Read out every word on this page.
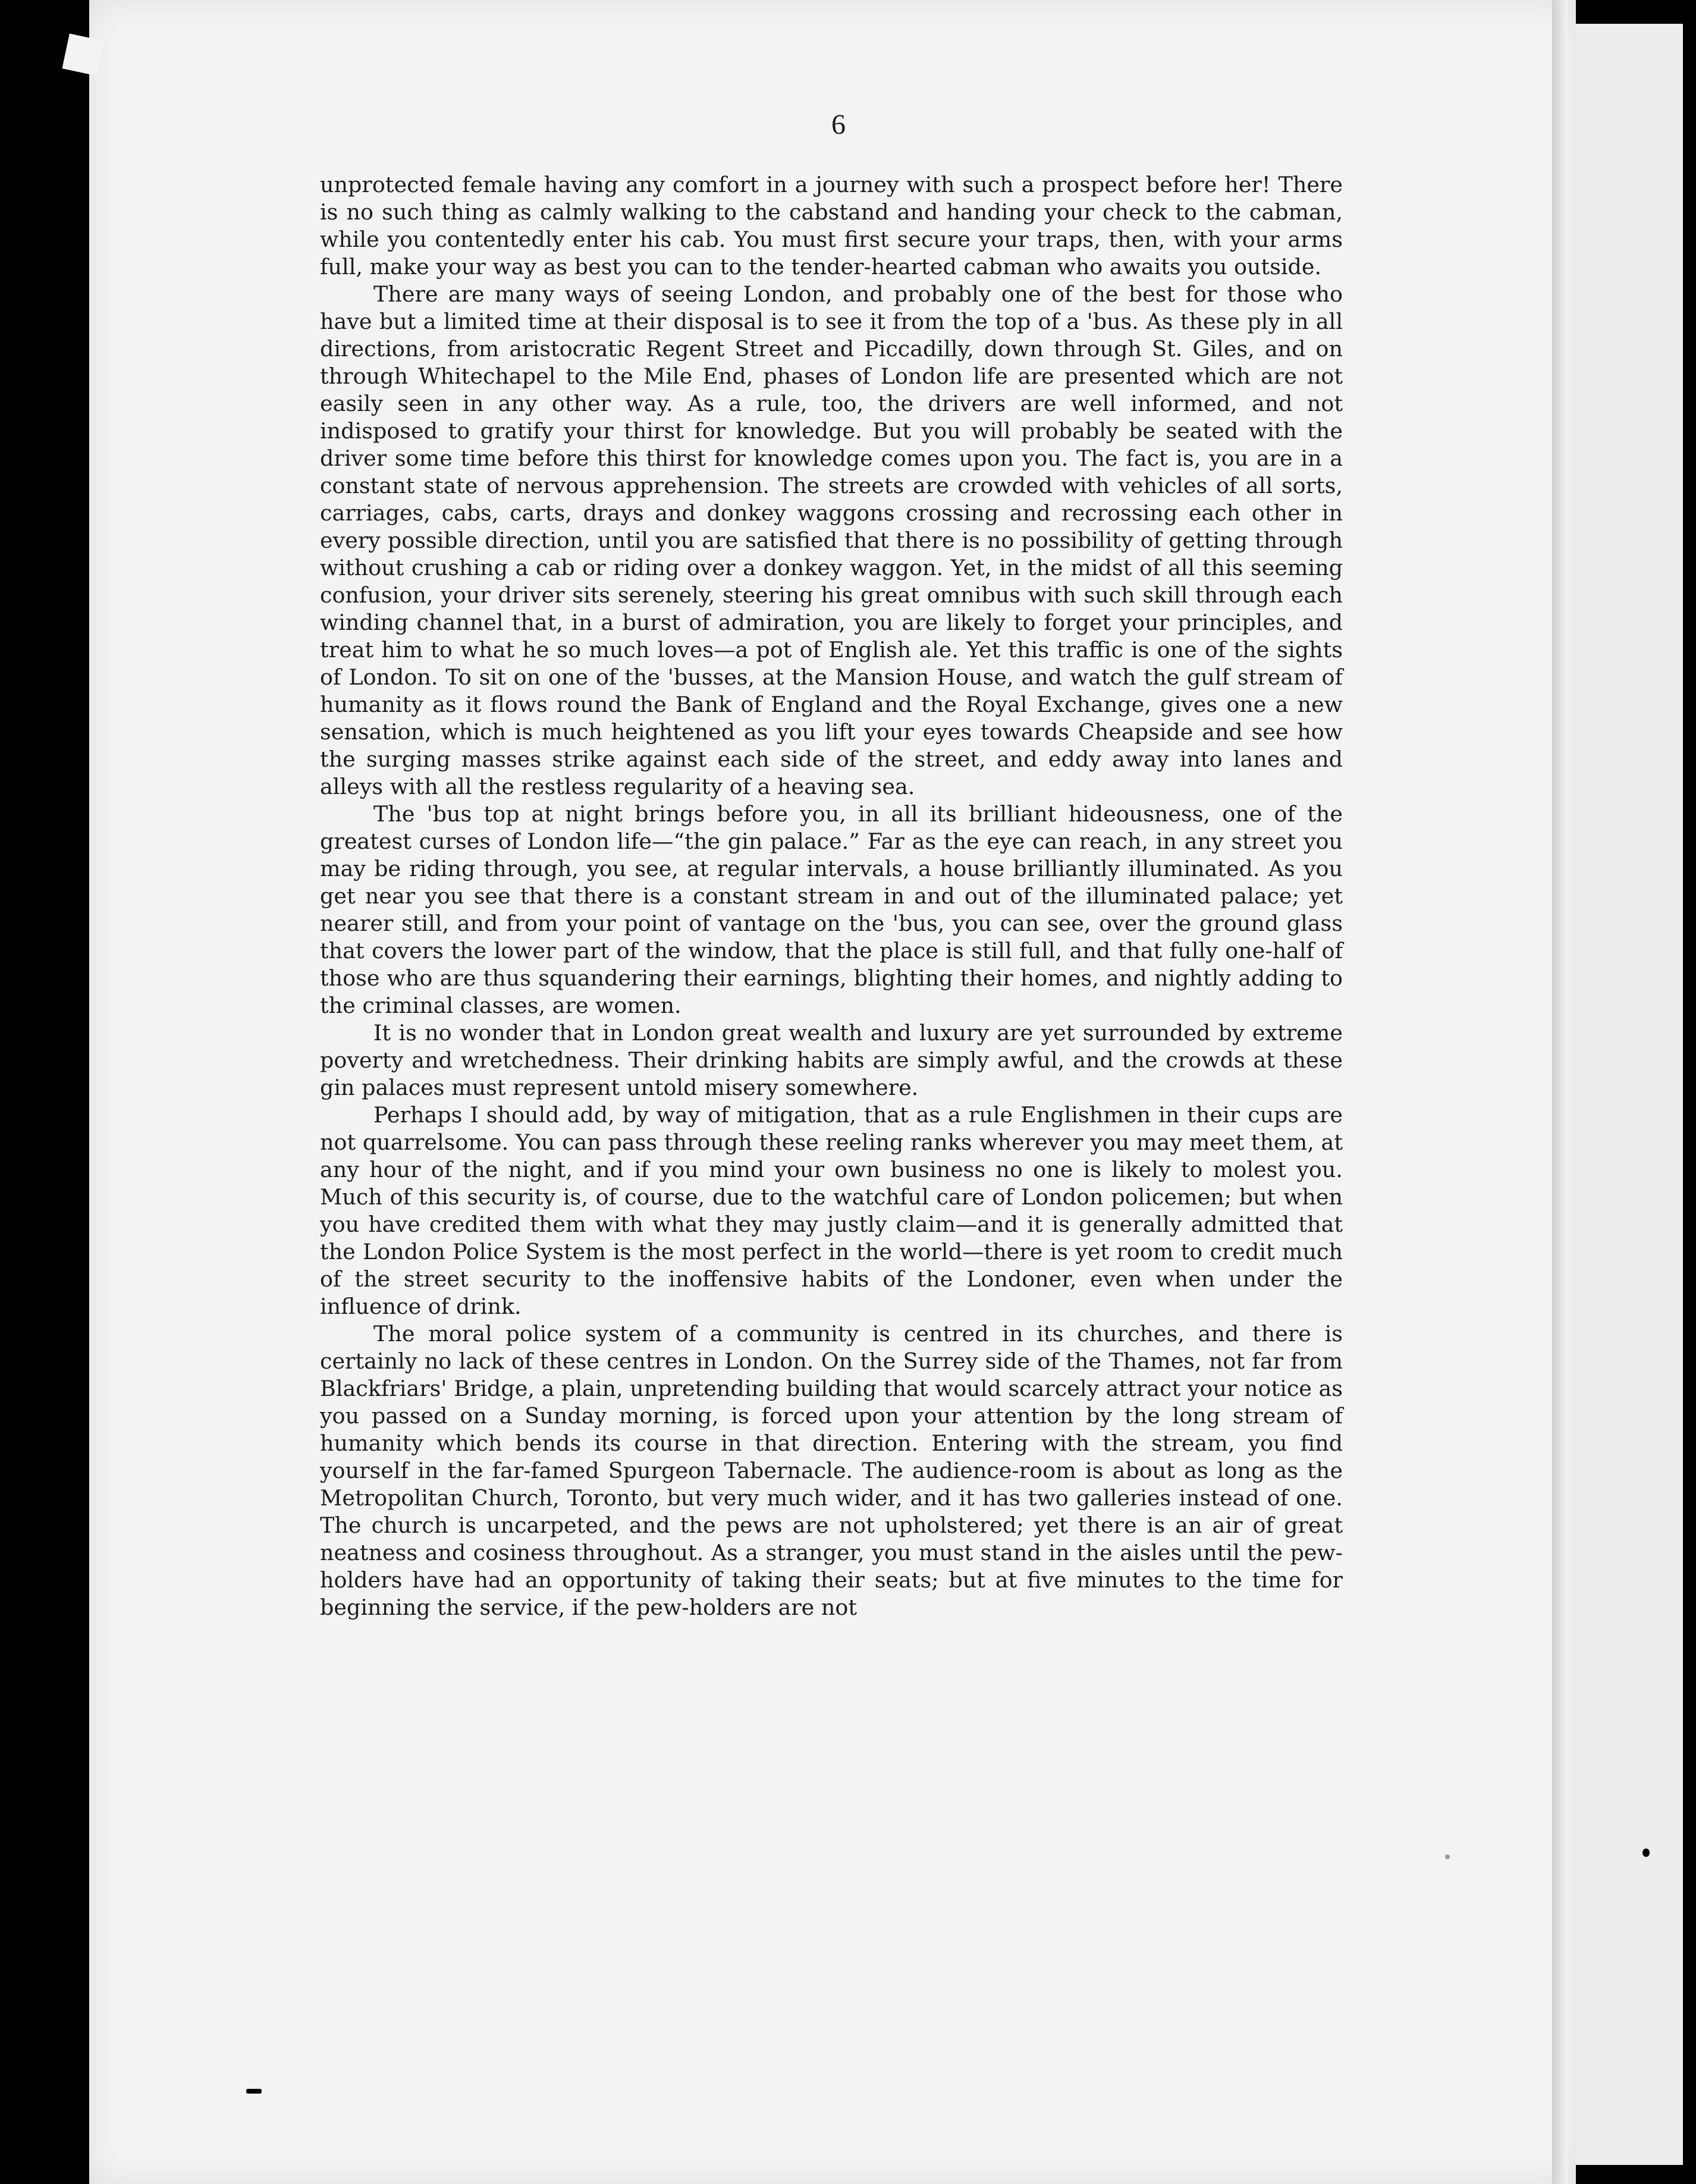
6

unprotected female having any comfort in a journey with such a prospect before her! There is no such thing as calmly walking to the cabstand and handing your check to the cabman, while you contentedly enter his cab. You must first secure your traps, then, with your arms full, make your way as best you can to the tender-hearted cabman who awaits you outside.

There are many ways of seeing London, and probably one of the best for those who have but a limited time at their disposal is to see it from the top of a 'bus. As these ply in all directions, from aristocratic Regent Street and Piccadilly, down through St. Giles, and on through Whitechapel to the Mile End, phases of London life are presented which are not easily seen in any other way. As a rule, too, the drivers are well informed, and not indisposed to gratify your thirst for knowledge. But you will probably be seated with the driver some time before this thirst for knowledge comes upon you. The fact is, you are in a constant state of nervous apprehension. The streets are crowded with vehicles of all sorts, carriages, cabs, carts, drays and donkey waggons crossing and recrossing each other in every possible direction, until you are satisfied that there is no possibility of getting through without crushing a cab or riding over a donkey waggon. Yet, in the midst of all this seeming confusion, your driver sits serenely, steering his great omnibus with such skill through each winding channel that, in a burst of admiration, you are likely to forget your principles, and treat him to what he so much loves—a pot of English ale. Yet this traffic is one of the sights of London. To sit on one of the 'busses, at the Mansion House, and watch the gulf stream of humanity as it flows round the Bank of England and the Royal Exchange, gives one a new sensation, which is much heightened as you lift your eyes towards Cheapside and see how the surging masses strike against each side of the street, and eddy away into lanes and alleys with all the restless regularity of a heaving sea.

The 'bus top at night brings before you, in all its brilliant hideousness, one of the greatest curses of London life—“the gin palace.” Far as the eye can reach, in any street you may be riding through, you see, at regular intervals, a house brilliantly illuminated. As you get near you see that there is a constant stream in and out of the illuminated palace; yet nearer still, and from your point of vantage on the 'bus, you can see, over the ground glass that covers the lower part of the window, that the place is still full, and that fully one-half of those who are thus squandering their earnings, blighting their homes, and nightly adding to the criminal classes, are women.

It is no wonder that in London great wealth and luxury are yet surrounded by extreme poverty and wretchedness. Their drinking habits are simply awful, and the crowds at these gin palaces must represent untold misery somewhere.

Perhaps I should add, by way of mitigation, that as a rule Englishmen in their cups are not quarrelsome. You can pass through these reeling ranks wherever you may meet them, at any hour of the night, and if you mind your own business no one is likely to molest you. Much of this security is, of course, due to the watchful care of London policemen; but when you have credited them with what they may justly claim—and it is generally admitted that the London Police System is the most perfect in the world—there is yet room to credit much of the street security to the inoffensive habits of the Londoner, even when under the influence of drink.

The moral police system of a community is centred in its churches, and there is certainly no lack of these centres in London. On the Surrey side of the Thames, not far from Blackfriars' Bridge, a plain, unpretending building that would scarcely attract your notice as you passed on a Sunday morning, is forced upon your attention by the long stream of humanity which bends its course in that direction. Entering with the stream, you find yourself in the far-famed Spurgeon Tabernacle. The audience-room is about as long as the Metropolitan Church, Toronto, but very much wider, and it has two galleries instead of one. The church is uncarpeted, and the pews are not upholstered; yet there is an air of great neatness and cosiness throughout. As a stranger, you must stand in the aisles until the pew-holders have had an opportunity of taking their seats; but at five minutes to the time for beginning the service, if the pew-holders are not
